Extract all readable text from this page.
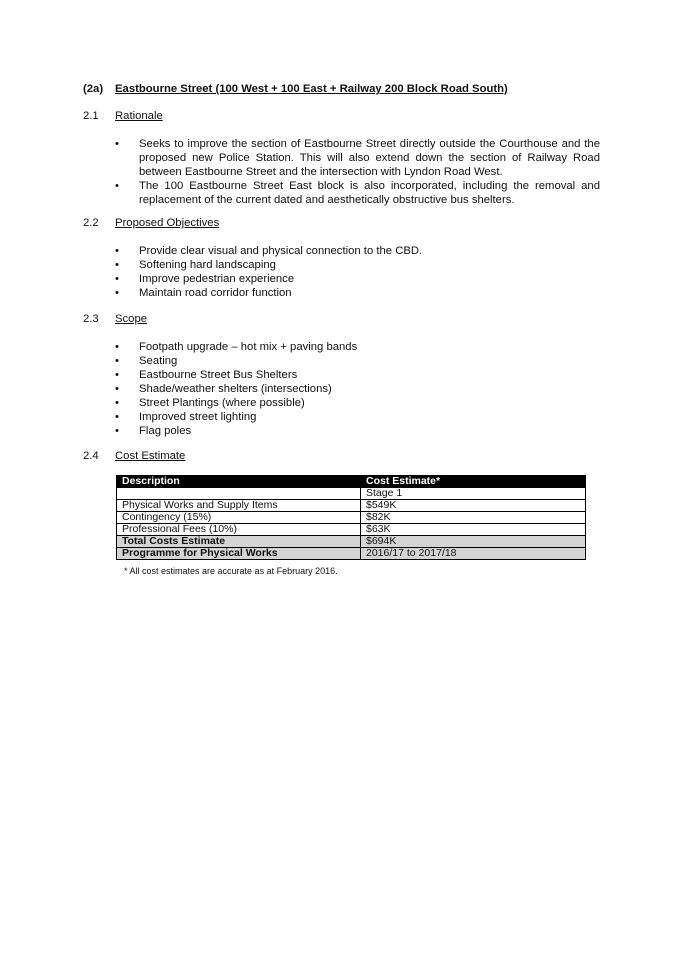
(2a) Eastbourne Street (100 West + 100 East + Railway 200 Block Road South)
2.1 Rationale
• Seeks to improve the section of Eastbourne Street directly outside the Courthouse and the proposed new Police Station. This will also extend down the section of Railway Road between Eastbourne Street and the intersection with Lyndon Road West.
• The 100 Eastbourne Street East block is also incorporated, including the removal and replacement of the current dated and aesthetically obstructive bus shelters.
2.2 Proposed Objectives
• Provide clear visual and physical connection to the CBD.
• Softening hard landscaping
• Improve pedestrian experience
• Maintain road corridor function
2.3 Scope
• Footpath upgrade – hot mix + paving bands
• Seating
• Eastbourne Street Bus Shelters
• Shade/weather shelters (intersections)
• Street Plantings (where possible)
• Improved street lighting
• Flag poles
2.4 Cost Estimate
Description	Cost Estimate*
	Stage 1
Physical Works and Supply Items	$549K
Contingency (15%)	$82K
Professional Fees (10%)	$63K
Total Costs Estimate	$694K
Programme for Physical Works	2016/17 to 2017/18
* All cost estimates are accurate as at February 2016.
